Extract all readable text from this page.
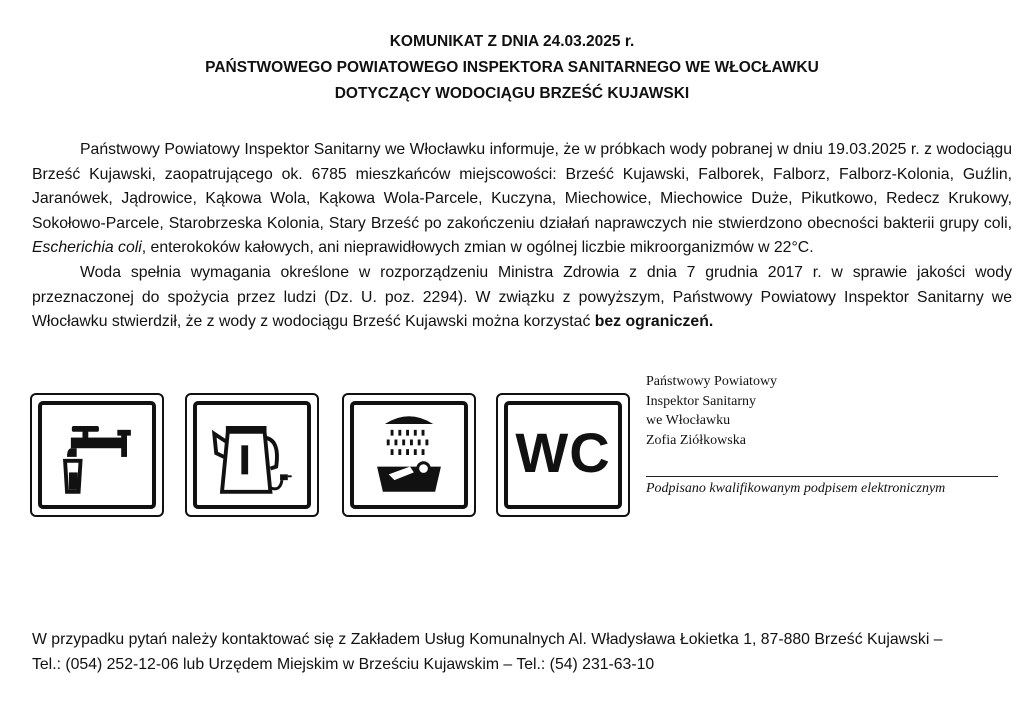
KOMUNIKAT Z DNIA 24.03.2025 r.
PAŃSTWOWEGO POWIATOWEGO INSPEKTORA SANITARNEGO WE WŁOCŁAWKU
DOTYCZĄCY WODOCIĄGU BRZEŚĆ KUJAWSKI

Państwowy Powiatowy Inspektor Sanitarny we Włocławku informuje, że w próbkach wody pobranej w dniu 19.03.2025 r. z wodociągu Brześć Kujawski, zaopatrującego ok. 6785 mieszkańców miejscowości: Brześć Kujawski, Falborek, Falborz, Falborz-Kolonia, Guźlin, Jaranówek, Jądrowice, Kąkowa Wola, Kąkowa Wola-Parcele, Kuczyna, Miechowice, Miechowice Duże, Pikutkowo, Redecz Krukowy, Sokołowo-Parcele, Starobrzeska Kolonia, Stary Brześć po zakończeniu działań naprawczych nie stwierdzono obecności bakterii grupy coli, Escherichia coli, enterokoków kałowych, ani nieprawidłowych zmian w ogólnej liczbie mikroorganizmów w 22°C.

Woda spełnia wymagania określone w rozporządzeniu Ministra Zdrowia z dnia 7 grudnia 2017 r. w sprawie jakości wody przeznaczonej do spożycia przez ludzi (Dz. U. poz. 2294). W związku z powyższym, Państwowy Powiatowy Inspektor Sanitarny we Włocławku stwierdził, że z wody z wodociągu Brześć Kujawski można korzystać bez ograniczeń.

WC
Państwowy Powiatowy
Inspektor Sanitarny
we Włocławku
Zofia Ziółkowska
Podpisano kwalifikowanym podpisem elektronicznym
W przypadku pytań należy kontaktować się z Zakładem Usług Komunalnych Al. Władysława Łokietka 1, 87-880 Brześć Kujawski –
Tel.: (054) 252-12-06 lub Urzędem Miejskim w Brześciu Kujawskim – Tel.: (54) 231-63-10
